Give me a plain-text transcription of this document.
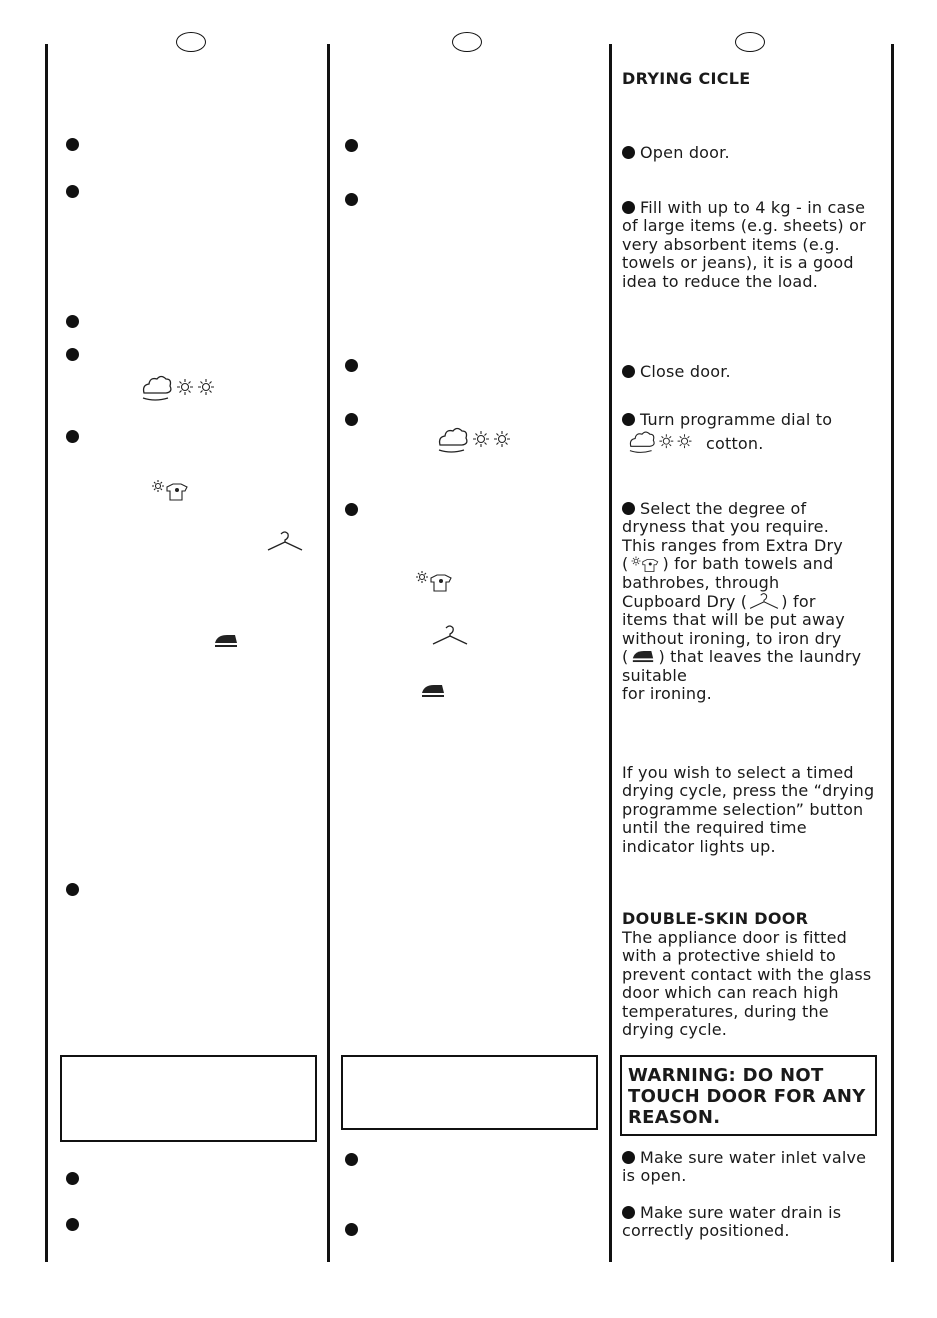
DRYING CICLE
Open door.
Fill with up to 4 kg - in case of large items (e.g. sheets) or very absorbent items (e.g. towels or jeans), it is a good idea to reduce the load.
Close door.
Turn programme dial to

cotton.
Select the degree of
dryness that you require.
This ranges from Extra Dry
( ) for bath towels and
bathrobes, through
Cupboard Dry ( ) for
items that will be put away
without ironing, to iron dry
( ) that leaves the laundry
suitable
for ironing.
If you wish to select a timed drying cycle, press the “drying programme selection” button until the required time indicator lights up.
DOUBLE-SKIN DOOR
The appliance door is fitted with a protective shield to prevent contact with the glass door which can reach high temperatures, during the drying cycle.
WARNING: DO NOT TOUCH DOOR FOR ANY REASON.
Make sure water inlet valve is open.
Make sure water drain is correctly positioned.
